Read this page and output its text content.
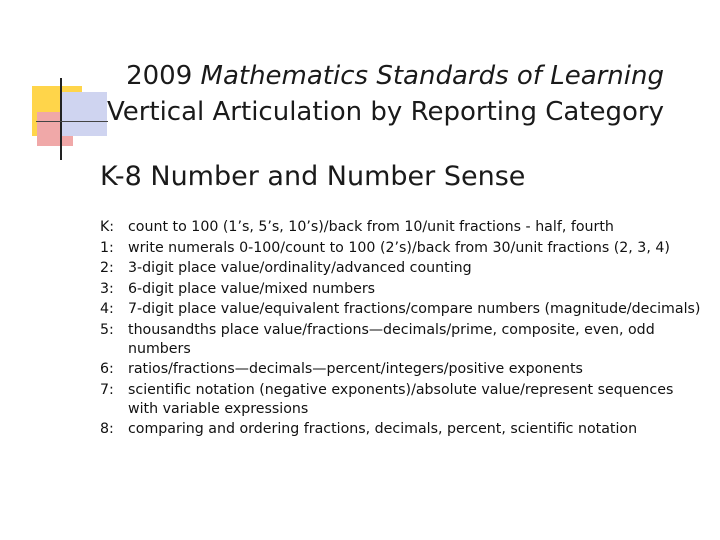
2009 Mathematics Standards of Learning
Vertical Articulation by Reporting Category
K-8 Number and Number Sense
K: count to 100 (1’s, 5’s, 10’s)/back from 10/unit fractions - half, fourth
1: write numerals 0-100/count to 100 (2’s)/back from 30/unit fractions (2, 3, 4)
2: 3-digit place value/ordinality/advanced counting
3: 6-digit place value/mixed numbers
4: 7-digit place value/equivalent fractions/compare numbers (magnitude/decimals)
5: thousandths place value/fractions—decimals/prime, composite, even, odd numbers
6: ratios/fractions—decimals—percent/integers/positive exponents
7: scientific notation (negative exponents)/absolute value/represent sequences with variable expressions
8: comparing and ordering fractions, decimals, percent, scientific notation
